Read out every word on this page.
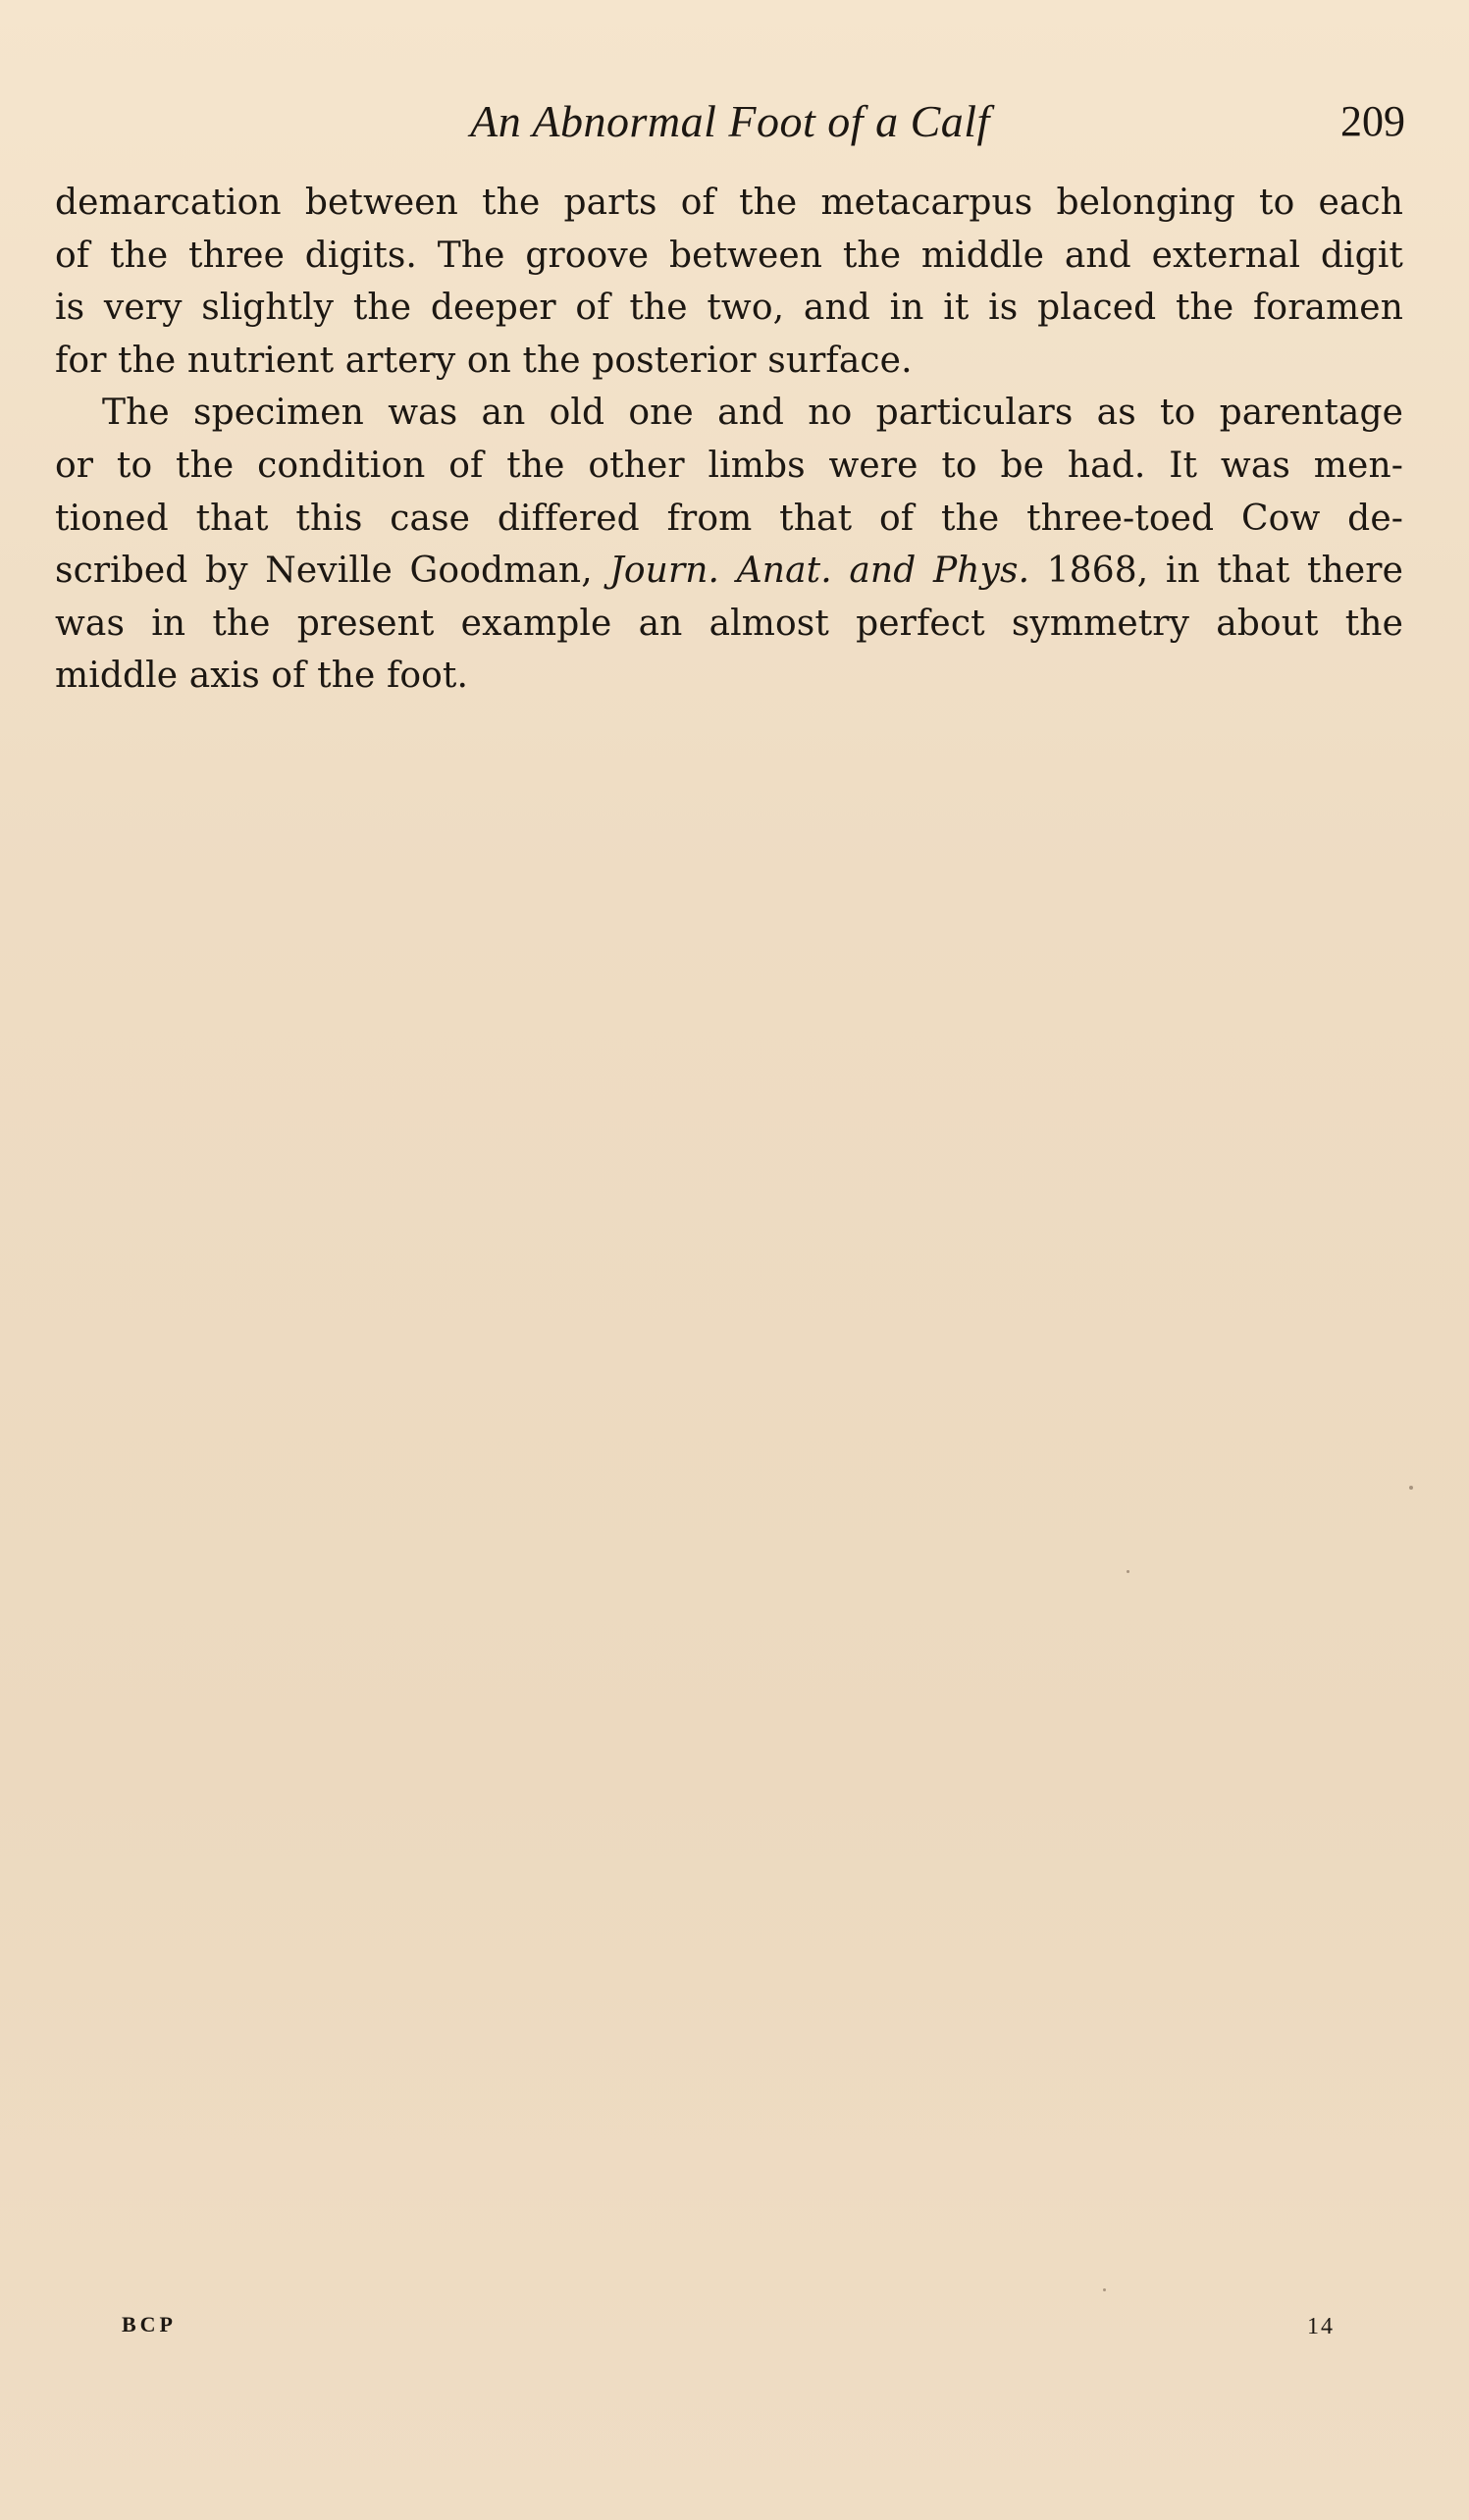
An Abnormal Foot of a Calf	209
demarcation between the parts of the metacarpus belonging to each
of the three digits. The groove between the middle and external digit
is very slightly the deeper of the two, and in it is placed the foramen
for the nutrient artery on the posterior surface.
The specimen was an old one and no particulars as to parentage
or to the condition of the other limbs were to be had. It was men-
tioned that this case differed from that of the three-toed Cow de-
scribed by Neville Goodman, Journ. Anat. and Phys. 1868, in that there
was in the present example an almost perfect symmetry about the
middle axis of the foot.
BCP	14
